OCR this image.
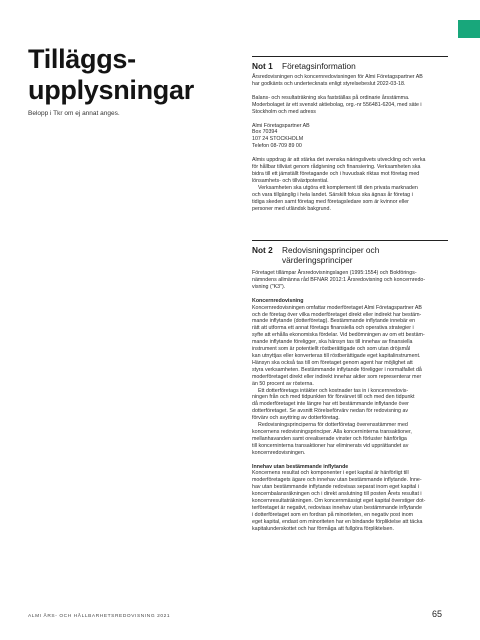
Tilläggs-
upplysningar
Belopp i Tkr om ej annat anges.
Not 1	Företagsinformation
Årsredovisningen och koncernredovisningen för Almi Företagspartner AB
har godkänts och undertecknats enligt styrelsebeslut 2022-03-18.
Balans- och resultaträkning ska fastställas på ordinarie årsstämma.
Moderbolaget är ett svenskt aktiebolag, org.-nr 556481-6204, med säte i
Stockholm och med adress
Almi Företagspartner AB
Box 70394
107 24 STOCKHOLM
Telefon 08-709 89 00
Almis uppdrag är att stärka det svenska näringslivets utveckling och verka
för hållbar tillväxt genom rådgivning och finansiering. Verksamheten ska
bidra till ett jämställt företagande och i huvudsak riktas mot företag med
lönsamhets- och tillväxtpotential.
Verksamheten ska utgöra ett komplement till den privata marknaden
och vara tillgänglig i hela landet. Särskilt fokus ska ägnas år företag i
tidiga skeden samt företag med företagsledare som är kvinnor eller
personer med utländsk bakgrund.
Not 2	Redovisningsprinciper och
värderingsprinciper
Företaget tillämpar Årsredovisningslagen (1995:1554) och Bokförings-
nämndens allmänna råd BFNAR 2012:1 Årsredovisning och koncernredo-
visning ("K3").
Koncernredovisning
Koncernredovisningen omfattar moderföretaget Almi Företagspartner AB
och de företag över vilka moderföretaget direkt eller indirekt har bestäm-
mande inflytande (dotterföretag). Bestämmande inflytande innebär en
rätt att utforma ett annat företags finansiella och operativa strategier i
syfte att erhålla ekonomiska fördelar. Vid bedömningen av om ett bestäm-
mande inflytande föreligger, ska hänsyn tas till innehav av finansiella
instrument som är potentiellt röstberättigade och som utan dröjsmål
kan utnyttjas eller konverteras till röstberättigade eget kapitalinstrument.
Hänsyn ska också tas till om företaget genom agent har möjlighet att
styra verksamheten. Bestämmande inflytande föreligger i normalfallet då
moderföretaget direkt eller indirekt innehar aktier som representerar mer
än 50 procent av rösterna.
Ett dotterföretags intäkter och kostnader tas in i koncernredovis-
ningen från och med tidpunkten för förvärvet till och med den tidpunkt
då moderföretaget inte längre har ett bestämmande inflytande över
dotterföretaget. Se avsnitt Rörelseförvärv nedan för redovisning av
förvärv och avyttring av dotterföretag.
Redovisningsprinciperna för dotterföretag överensstämmer med
koncernens redovisningsprinciper. Alla koncerninterna transaktioner,
mellanhavanden samt orealiserade vinster och förluster hänförliga
till koncerninterna transaktioner har eliminerats vid upprättandet av
koncernredovisningen.
Innehav utan bestämmande inflytande
Koncernens resultat och komponenter i eget kapital är hänförligt till
moderföretagets ägare och innehav utan bestämmande inflytande. Inne-
hav utan bestämmande inflytande redovisas separat inom eget kapital i
koncernbalansräkningen och i direkt anslutning till posten Årets resultat i
koncernresultaträkningen. Om koncernmässigt eget kapital överstiger dot-
terföretaget är negativt, redovisas innehav utan bestämmande inflytande
i dotterföretaget som en fordran på minoriteten, en negativ post inom
eget kapital, endast om minoriteten har en bindande förpliktelse att täcka
kapitalunderskottet och har förmåga att fullgöra förpliktelsen.
ALMI ÅRS- OCH HÅLLBARHETSREDOVISNING 2021	65
